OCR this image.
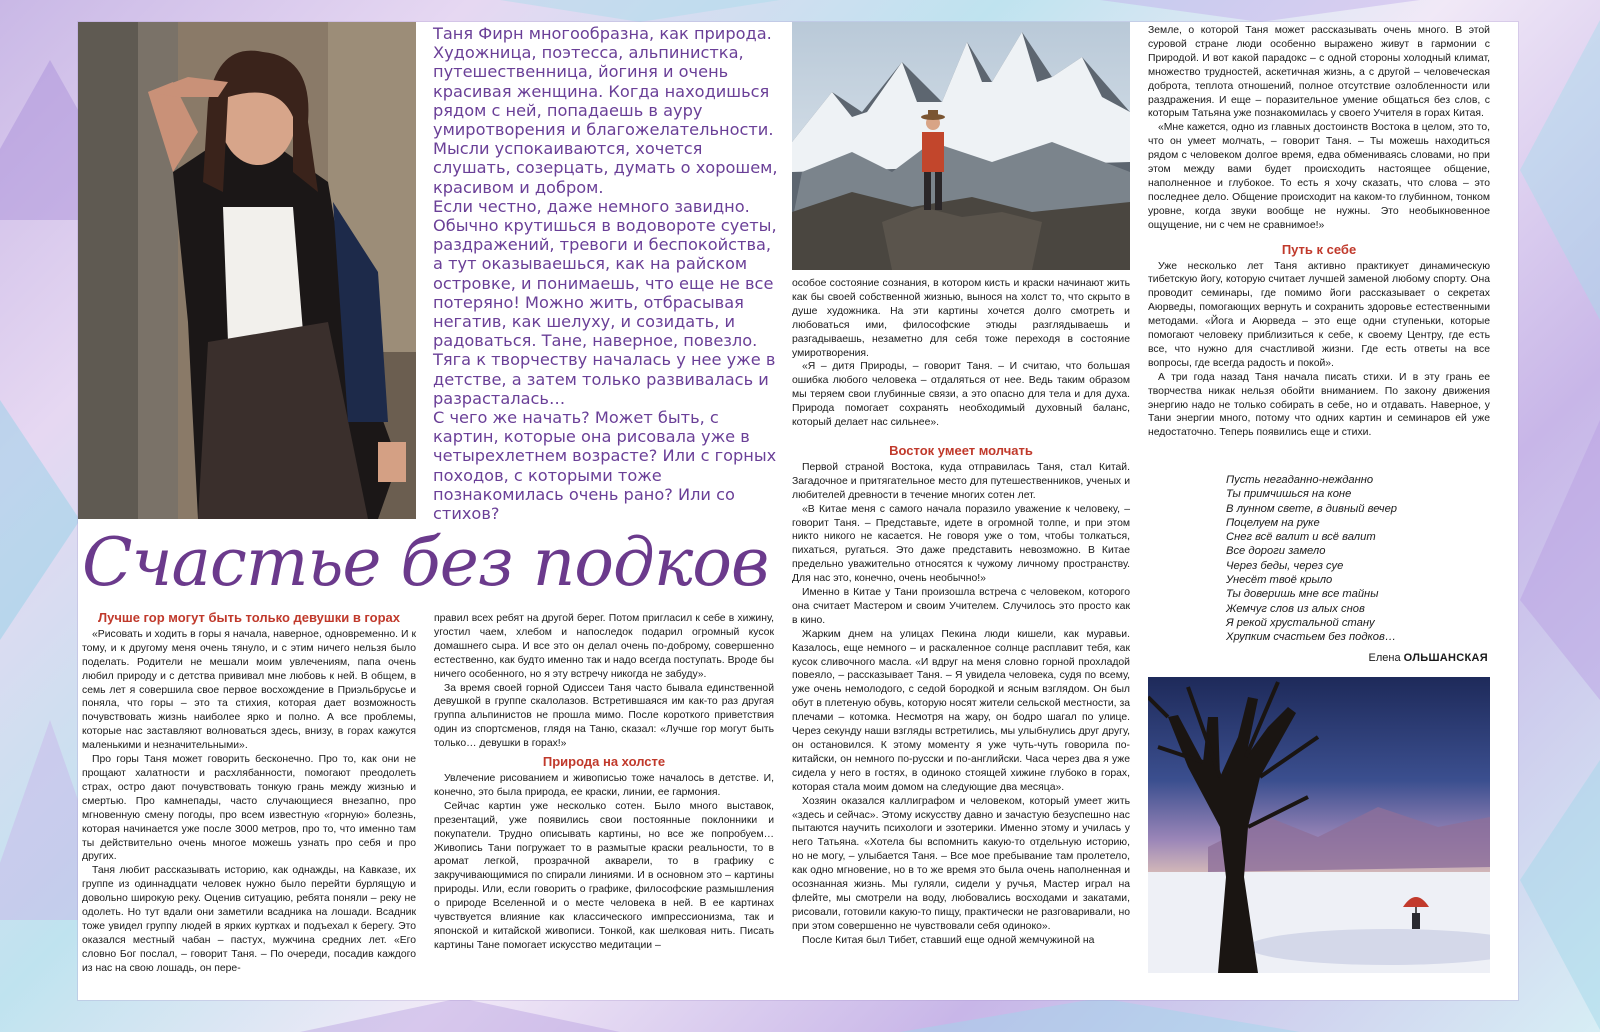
Таня Фирн многообразна, как природа. Художница, поэтесса, альпинистка, путешественница, йогиня и очень красивая женщина. Когда находишься рядом с ней, попадаешь в ауру умиротворения и благожелательности. Мысли успокаиваются, хочется слушать, созерцать, думать о хорошем, красивом и добром.

Если честно, даже немного завидно. Обычно крутишься в водовороте суеты, раздражений, тревоги и беспокойства, а тут оказываешься, как на райском островке, и понимаешь, что еще не все потеряно! Можно жить, отбрасывая негатив, как шелуху, и созидать, и радоваться. Тане, наверное, повезло. Тяга к творчеству началась у нее уже в детстве, а затем только развивалась и разрасталась…

С чего же начать? Может быть, с картин, которые она рисовала уже в четырехлетнем возрасте? Или с горных походов, с которыми тоже познакомилась очень рано? Или со стихов?

Счастье без подков
Лучше гор могут быть только девушки в горах

«Рисовать и ходить в горы я начала, наверное, одновременно. И к тому, и к другому меня очень тянуло, и с этим ничего нельзя было поделать. Родители не мешали моим увлечениям, папа очень любил природу и с детства прививал мне любовь к ней. В общем, в семь лет я совершила свое первое восхождение в Приэльбрусье и поняла, что горы – это та стихия, которая дает возможность почувствовать жизнь наиболее ярко и полно. А все проблемы, которые нас заставляют волноваться здесь, внизу, в горах кажутся маленькими и незначительными».

Про горы Таня может говорить бесконечно. Про то, как они не прощают халатности и расхлябанности, помогают преодолеть страх, остро дают почувствовать тонкую грань между жизнью и смертью. Про камнепады, часто случающиеся внезапно, про мгновенную смену погоды, про всем известную «горную» болезнь, которая начинается уже после 3000 метров, про то, что именно там ты действительно очень многое можешь узнать про себя и про других.

Таня любит рассказывать историю, как однажды, на Кавказе, их группе из одиннадцати человек нужно было перейти бурлящую и довольно широкую реку. Оценив ситуацию, ребята поняли – реку не одолеть. Но тут вдали они заметили всадника на лошади. Всадник тоже увидел группу людей в ярких куртках и подъехал к берегу. Это оказался местный чабан – пастух, мужчина средних лет. «Его словно Бог послал, – говорит Таня. – По очереди, посадив каждого из нас на свою лошадь, он пере-

правил всех ребят на другой берег. Потом пригласил к себе в хижину, угостил чаем, хлебом и напоследок подарил огромный кусок домашнего сыра. И все это он делал очень по-доброму, совершенно естественно, как будто именно так и надо всегда поступать. Вроде бы ничего особенного, но я эту встречу никогда не забуду».

За время своей горной Одиссеи Таня часто бывала единственной девушкой в группе скалолазов. Встретившаяся им как-то раз другая группа альпинистов не прошла мимо. После короткого приветствия один из спортсменов, глядя на Таню, сказал: «Лучше гор могут быть только… девушки в горах!»

Природа на холсте

Увлечение рисованием и живописью тоже началось в детстве. И, конечно, это была природа, ее краски, линии, ее гармония.

Сейчас картин уже несколько сотен. Было много выставок, презентаций, уже появились свои постоянные поклонники и покупатели. Трудно описывать картины, но все же попробуем… Живопись Тани погружает то в размытые краски реальности, то в аромат легкой, прозрачной акварели, то в графику с закручивающимися по спирали линиями. И в основном это – картины природы. Или, если говорить о графике, философские размышления о природе Вселенной и о месте человека в ней. В ее картинах чувствуется влияние как классического импрессионизма, так и японской и китайской живописи. Тонкой, как шелковая нить. Писать картины Тане помогает искусство медитации –

особое состояние сознания, в котором кисть и краски начинают жить как бы своей собственной жизнью, вынося на холст то, что скрыто в душе художника. На эти картины хочется долго смотреть и любоваться ими, философские этюды разглядываешь и разгадываешь, незаметно для себя тоже переходя в состояние умиротворения.

«Я – дитя Природы, – говорит Таня. – И считаю, что большая ошибка любого человека – отдаляться от нее. Ведь таким образом мы теряем свои глубинные связи, а это опасно для тела и для духа. Природа помогает сохранять необходимый духовный баланс, который делает нас сильнее».

Восток умеет молчать

Первой страной Востока, куда отправилась Таня, стал Китай. Загадочное и притягательное место для путешественников, ученых и любителей древности в течение многих сотен лет.

«В Китае меня с самого начала поразило уважение к человеку, – говорит Таня. – Представьте, идете в огромной толпе, и при этом никто никого не касается. Не говоря уже о том, чтобы толкаться, пихаться, ругаться. Это даже представить невозможно. В Китае предельно уважительно относятся к чужому личному пространству. Для нас это, конечно, очень необычно!»

Именно в Китае у Тани произошла встреча с человеком, которого она считает Мастером и своим Учителем. Случилось это просто как в кино.

Жарким днем на улицах Пекина люди кишели, как муравьи. Казалось, еще немного – и раскаленное солнце расплавит тебя, как кусок сливочного масла. «И вдруг на меня словно горной прохладой повеяло, – рассказывает Таня. – Я увидела человека, судя по всему, уже очень немолодого, с седой бородкой и ясным взглядом. Он был обут в плетеную обувь, которую носят жители сельской местности, за плечами – котомка. Несмотря на жару, он бодро шагал по улице. Через секунду наши взгляды встретились, мы улыбнулись друг другу, он остановился. К этому моменту я уже чуть-чуть говорила по-китайски, он немного по-русски и по-английски. Часа через два я уже сидела у него в гостях, в одиноко стоящей хижине глубоко в горах, которая стала моим домом на следующие два месяца».

Хозяин оказался каллиграфом и человеком, который умеет жить «здесь и сейчас». Этому искусству давно и зачастую безуспешно нас пытаются научить психологи и эзотерики. Именно этому и училась у него Татьяна. «Хотела бы вспомнить какую-то отдельную историю, но не могу, – улыбается Таня. – Все мое пребывание там пролетело, как одно мгновение, но в то же время это была очень наполненная и осознанная жизнь. Мы гуляли, сидели у ручья, Мастер играл на флейте, мы смотрели на воду, любовались восходами и закатами, рисовали, готовили какую-то пищу, практически не разговаривали, но при этом совершенно не чувствовали себя одиноко».

После Китая был Тибет, ставший еще одной жемчужиной на

Земле, о которой Таня может рассказывать очень много. В этой суровой стране люди особенно выражено живут в гармонии с Природой. И вот какой парадокс – с одной стороны холодный климат, множество трудностей, аскетичная жизнь, а с другой – человеческая доброта, теплота отношений, полное отсутствие озлобленности или раздражения. И еще – поразительное умение общаться без слов, с которым Татьяна уже познакомилась у своего Учителя в горах Китая.

«Мне кажется, одно из главных достоинств Востока в целом, это то, что он умеет молчать, – говорит Таня. – Ты можешь находиться рядом с человеком долгое время, едва обмениваясь словами, но при этом между вами будет происходить настоящее общение, наполненное и глубокое. То есть я хочу сказать, что слова – это последнее дело. Общение происходит на каком-то глубинном, тонком уровне, когда звуки вообще не нужны. Это необыкновенное ощущение, ни с чем не сравнимое!»

Путь к себе

Уже несколько лет Таня активно практикует динамическую тибетскую йогу, которую считает лучшей заменой любому спорту. Она проводит семинары, где помимо йоги рассказывает о секретах Аюрведы, помогающих вернуть и сохранить здоровье естественными методами. «Йога и Аюрведа – это еще одни ступеньки, которые помогают человеку приблизиться к себе, к своему Центру, где есть все, что нужно для счастливой жизни. Где есть ответы на все вопросы, где всегда радость и покой».

А три года назад Таня начала писать стихи. И в эту грань ее творчества никак нельзя обойти вниманием. По закону движения энергию надо не только собирать в себе, но и отдавать. Наверное, у Тани энергии много, потому что одних картин и семинаров ей уже недостаточно. Теперь появились еще и стихи.

Пусть негаданно-нежданно
Ты примчишься на коне
В лунном свете, в дивный вечер
Поцелуем на руке
Снег всё валит и всё валит
Все дороги замело
Через беды, через суе
Унесёт твоё крыло
Ты доверишь мне все тайны
Жемчуг слов из алых снов
Я рекой хрустальной стану
Хрупким счастьем без подков…
Елена ОЛЬШАНСКАЯ
